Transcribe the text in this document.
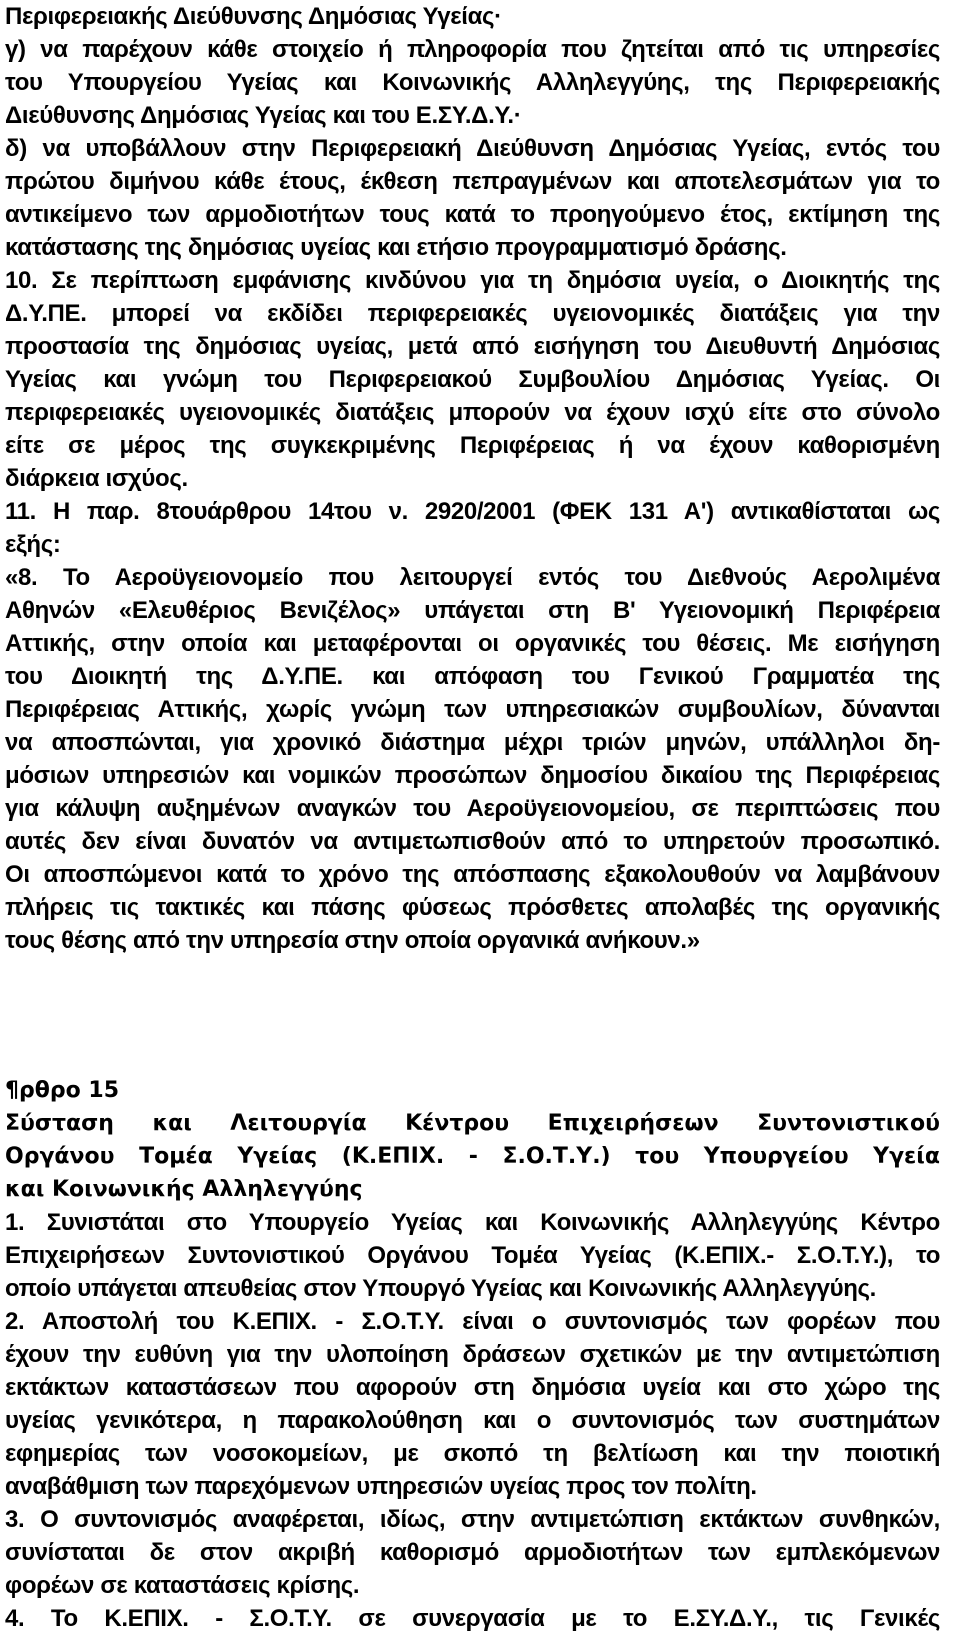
Περιφερειακής Διεύθυνσης Δημόσιας Υγείας·
γ) να παρέχουν κάθε στοιχείο ή πληροφορία που ζητείται από τις υπηρεσίες
του Υπουργείου Υγείας και Κοινωνικής Αλληλεγγύης, της Περιφερειακής
Διεύθυνσης Δημόσιας Υγείας και του Ε.ΣΥ.Δ.Υ.·
δ) να υποβάλλουν στην Περιφερειακή Διεύθυνση Δημόσιας Υγείας, εντός του
πρώτου διμήνου κάθε έτους, έκθεση πεπραγμένων και αποτελεσμάτων για το
αντικείμενο των αρμοδιοτήτων τους κατά το προηγούμενο έτος, εκτίμηση της
κατάστασης της δημόσιας υγείας και ετήσιο προγραμματισμό δράσης.
10. Σε περίπτωση εμφάνισης κινδύνου για τη δημόσια υγεία, ο Διοικητής της
Δ.Υ.ΠΕ. μπορεί να εκδίδει περιφερειακές υγειονομικές διατάξεις για την
προστασία της δημόσιας υγείας, μετά από εισήγηση του Διευθυντή Δημόσιας
Υγείας και γνώμη του Περιφερειακού Συμβουλίου Δημόσιας Υγείας. Οι
περιφερειακές υγειονομικές διατάξεις μπορούν να έχουν ισχύ είτε στο σύνολο
είτε σε μέρος της συγκεκριμένης Περιφέρειας ή να έχουν καθορισμένη
διάρκεια ισχύος.
11. Η παρ. 8τουάρθρου 14του ν. 2920/2001 (ΦΕΚ 131 Α') αντικαθίσταται ως
εξής:
«8. Το Αεροϋγειονομείο που λειτουργεί εντός του Διεθνούς Αερολιμένα
Αθηνών «Ελευθέριος Βενιζέλος» υπάγεται στη Β' Υγειονομική Περιφέρεια
Αττικής, στην οποία και μεταφέρονται οι οργανικές του θέσεις. Με εισήγηση
του Διοικητή της Δ.Υ.ΠΕ. και απόφαση του Γενικού Γραμματέα της
Περιφέρειας Αττικής, χωρίς γνώμη των υπηρεσιακών συμβουλίων, δύνανται
να αποσπώνται, για χρονικό διάστημα μέχρι τριών μηνών, υπάλληλοι δη-
μόσιων υπηρεσιών και νομικών προσώπων δημοσίου δικαίου της Περιφέρειας
για κάλυψη αυξημένων αναγκών του Αεροϋγειονομείου, σε περιπτώσεις που
αυτές δεν είναι δυνατόν να αντιμετωπισθούν από το υπηρετούν προσωπικό.
Οι αποσπώμενοι κατά το χρόνο της απόσπασης εξακολουθούν να λαμβάνουν
πλήρεις τις τακτικές και πάσης φύσεως πρόσθετες απολαβές της οργανικής
τους θέσης από την υπηρεσία στην οποία οργανικά ανήκουν.»
¶ρθρο 15
Σύσταση και Λειτουργία Κέντρου Επιχειρήσεων Συντονιστικού
Οργάνου Τομέα Υγείας (Κ.ΕΠΙΧ. - Σ.Ο.Τ.Υ.) του Υπουργείου Υγεία
και Κοινωνικής Αλληλεγγύης
1. Συνιστάται στο Υπουργείο Υγείας και Κοινωνικής Αλληλεγγύης Κέντρο
Επιχειρήσεων Συντονιστικού Οργάνου Τομέα Υγείας (Κ.ΕΠΙΧ.- Σ.Ο.Τ.Υ.), το
οποίο υπάγεται απευθείας στον Υπουργό Υγείας και Κοινωνικής Αλληλεγγύης.
2. Αποστολή του Κ.ΕΠΙΧ. - Σ.Ο.Τ.Υ. είναι ο συντονισμός των φορέων που
έχουν την ευθύνη για την υλοποίηση δράσεων σχετικών με την αντιμετώπιση
εκτάκτων καταστάσεων που αφορούν στη δημόσια υγεία και στο χώρο της
υγείας γενικότερα, η παρακολούθηση και ο συντονισμός των συστημάτων
εφημερίας των νοσοκομείων, με σκοπό τη βελτίωση και την ποιοτική
αναβάθμιση των παρεχόμενων υπηρεσιών υγείας προς τον πολίτη.
3. Ο συντονισμός αναφέρεται, ιδίως, στην αντιμετώπιση εκτάκτων συνθηκών,
συνίσταται δε στον ακριβή καθορισμό αρμοδιοτήτων των εμπλεκόμενων
φορέων σε καταστάσεις κρίσης.
4. Το Κ.ΕΠΙΧ. - Σ.Ο.Τ.Υ. σε συνεργασία με το Ε.ΣΥ.Δ.Υ., τις Γενικές
